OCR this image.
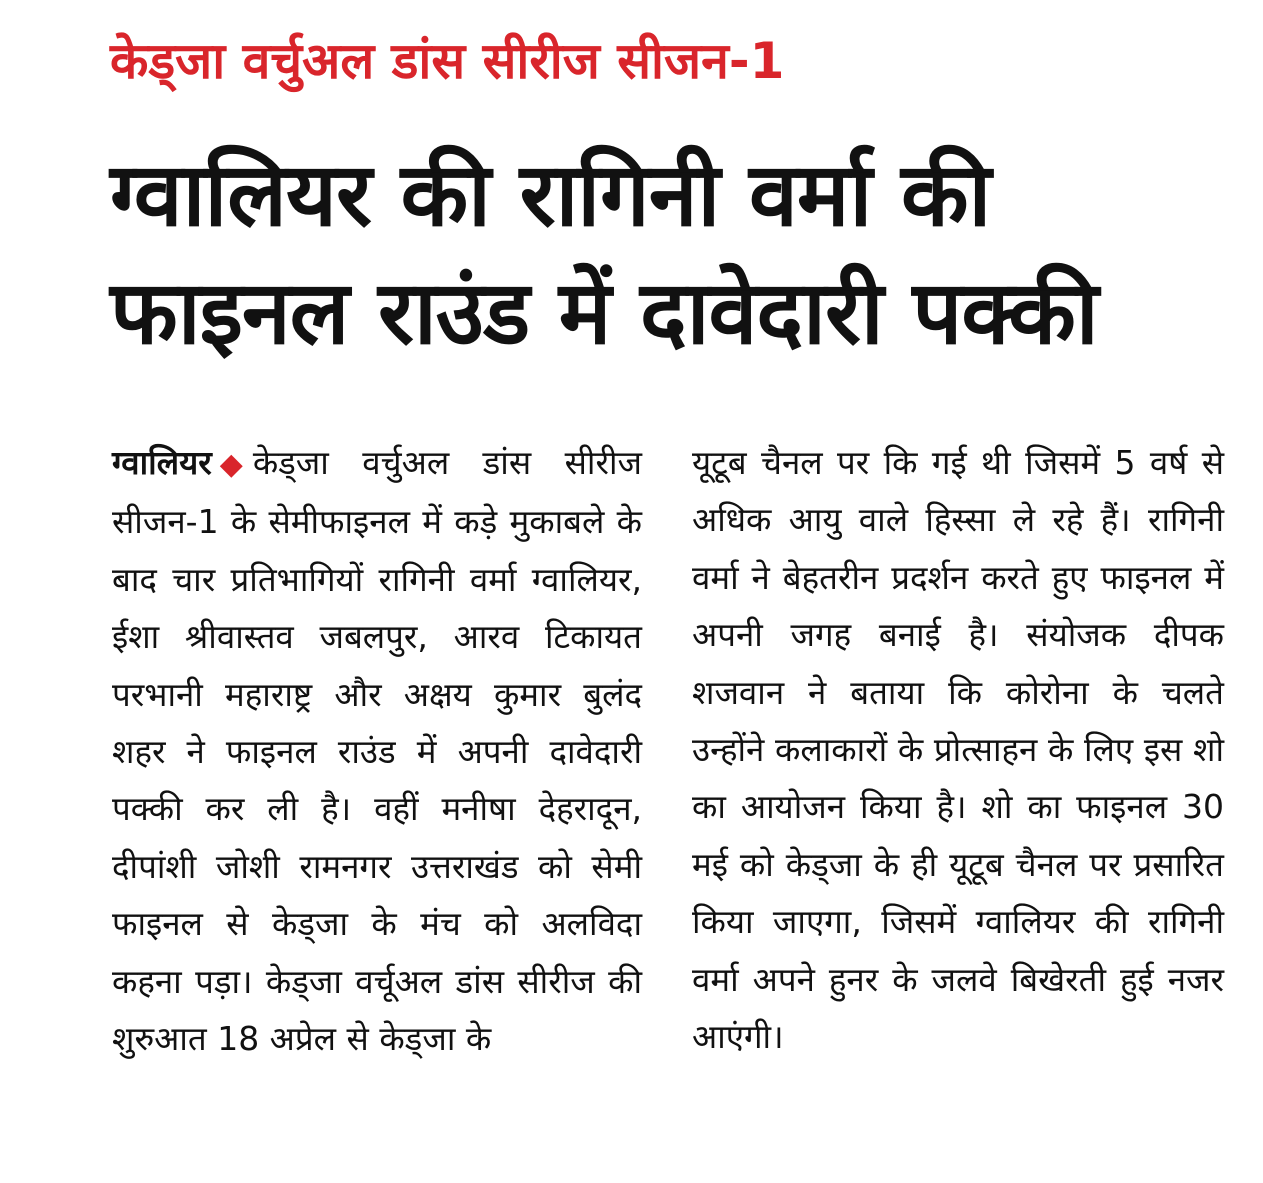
केड्जा वर्चुअल डांस सीरीज सीजन-1
ग्वालियर की रागिनी वर्मा की
फाइनल राउंड में दावेदारी पक्की
ग्वालियर ◆ केड्जा वर्चुअल डांस सीरीज सीजन-1 के सेमीफाइनल में कड़े मुकाबले के बाद चार प्रतिभागियों रागिनी वर्मा ग्वालियर, ईशा श्रीवास्तव जबलपुर, आरव टिकायत परभानी महाराष्ट्र और अक्षय कुमार बुलंद शहर ने फाइनल राउंड में अपनी दावेदारी पक्की कर ली है। वहीं मनीषा देहरादून, दीपांशी जोशी रामनगर उत्तराखंड को सेमी फाइनल से केड्जा के मंच को अलविदा कहना पड़ा। केड्जा वर्चूअल डांस सीरीज की शुरुआत 18 अप्रेल से केड्जा के
यूटूब चैनल पर कि गई थी जिसमें 5 वर्ष से अधिक आयु वाले हिस्सा ले रहे हैं। रागिनी वर्मा ने बेहतरीन प्रदर्शन करते हुए फाइनल में अपनी जगह बनाई है। संयोजक दीपक शजवान ने बताया कि कोरोना के चलते उन्होंने कलाकारों के प्रोत्साहन के लिए इस शो का आयोजन किया है। शो का फाइनल 30 मई को केड्जा के ही यूटूब चैनल पर प्रसारित किया जाएगा, जिसमें ग्वालियर की रागिनी वर्मा अपने हुनर के जलवे बिखेरती हुई नजर आएंगी।
